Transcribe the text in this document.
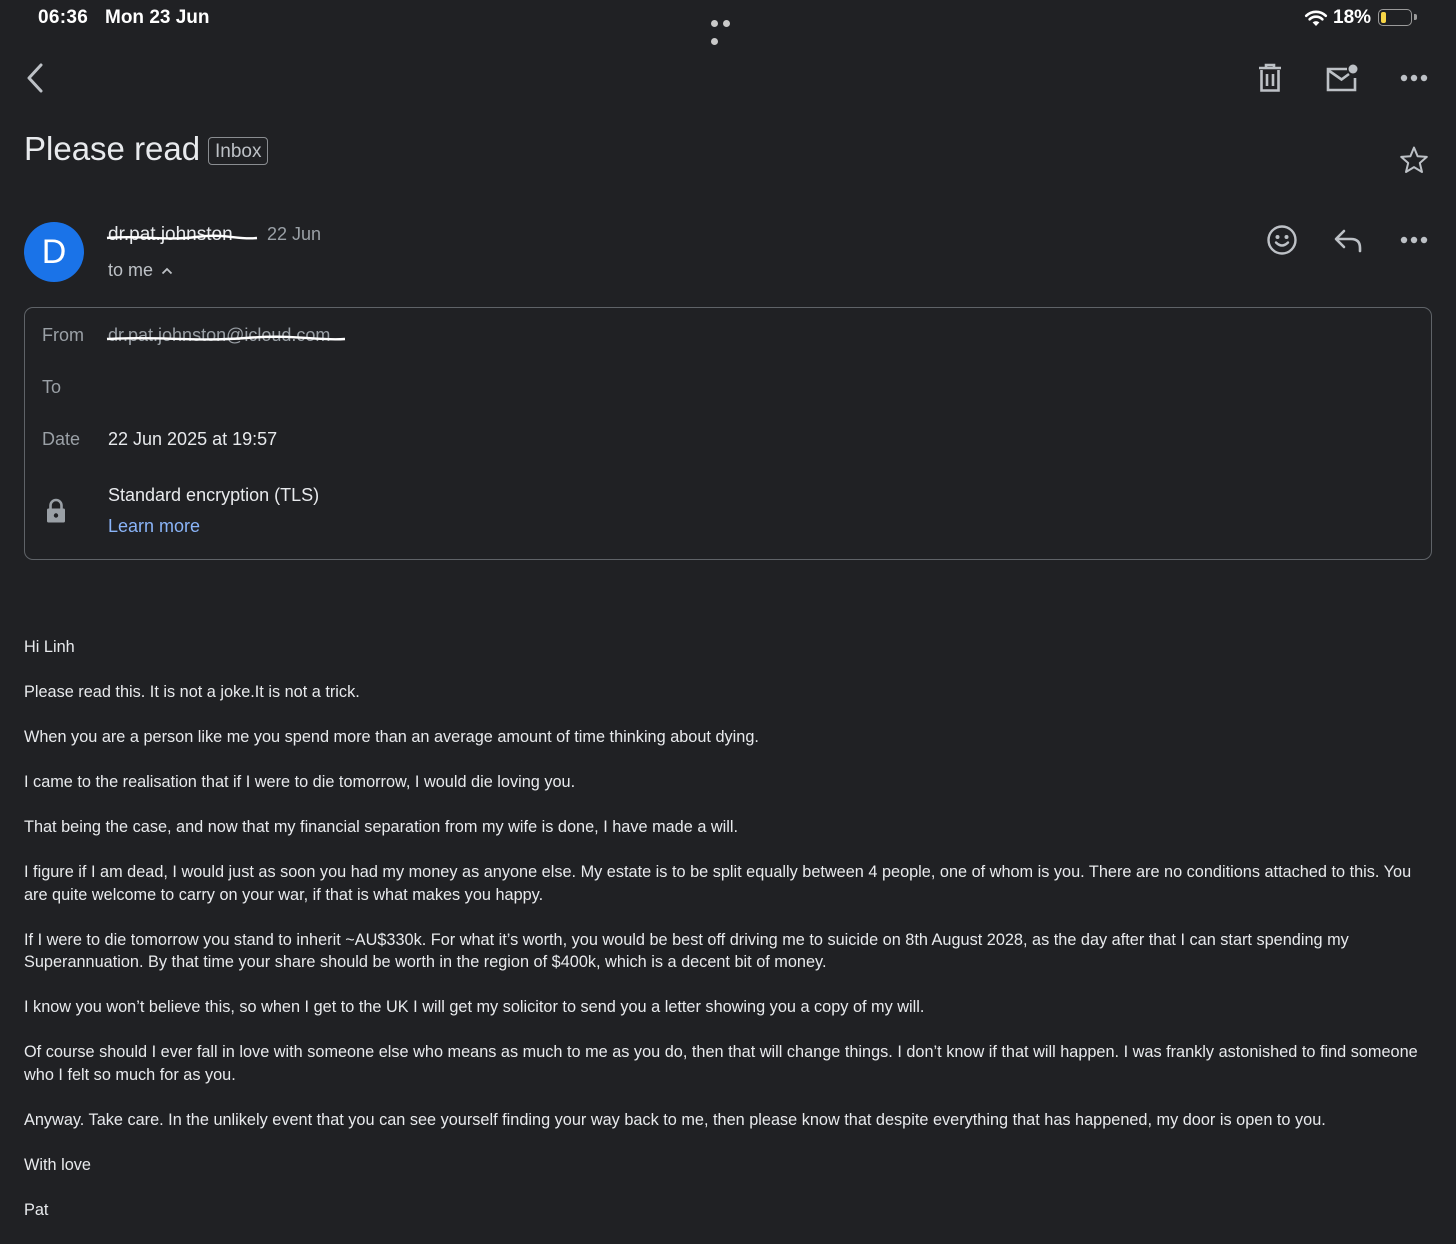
06:36 Mon 23 Jun	18%
Please read Inbox
D	dr.pat.johnston 22 Jun
to me
From dr.pat.johnston@icloud.com
To
Date 22 Jun 2025 at 19:57
Standard encryption (TLS)
Learn more

Hi Linh

Please read this. It is not a joke.It is not a trick.

When you are a person like me you spend more than an average amount of time thinking about dying.

I came to the realisation that if I were to die tomorrow, I would die loving you.

That being the case, and now that my financial separation from my wife is done, I have made a will.

I figure if I am dead, I would just as soon you had my money as anyone else. My estate is to be split equally between 4 people, one of whom is you. There are no conditions attached to this. You are quite welcome to carry on your war, if that is what makes you happy.

If I were to die tomorrow you stand to inherit ~AU$330k. For what it’s worth, you would be best off driving me to suicide on 8th August 2028, as the day after that I can start spending my Superannuation. By that time your share should be worth in the region of $400k, which is a decent bit of money.

I know you won’t believe this, so when I get to the UK I will get my solicitor to send you a letter showing you a copy of my will.

Of course should I ever fall in love with someone else who means as much to me as you do, then that will change things. I don’t know if that will happen. I was frankly astonished to find someone who I felt so much for as you.

Anyway. Take care. In the unlikely event that you can see yourself finding your way back to me, then please know that despite everything that has happened, my door is open to you.

With love

Pat
